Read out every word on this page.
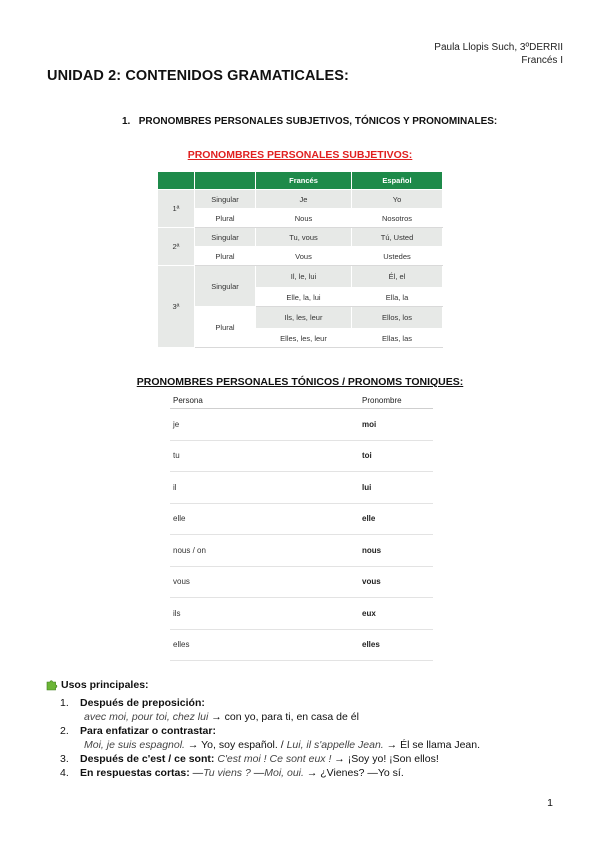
Paula Llopis Such, 3ºDERRII
Francés I
UNIDAD 2: CONTENIDOS GRAMATICALES:
1. PRONOMBRES PERSONALES SUBJETIVOS, TÓNICOS Y PRONOMINALES:
PRONOMBRES PERSONALES SUBJETIVOS:
		Francés	Español
1ª	Singular	Je	Yo
	Plural	Nous	Nosotros
2ª	Singular	Tu, vous	Tú, Usted
	Plural	Vous	Ustedes
3ª	Singular	Il, le, lui	Él, el
		Elle, la, lui	Ella, la
	Plural	Ils, les, leur	Ellos, los
		Elles, les, leur	Ellas, las
PRONOMBRES PERSONALES TÓNICOS / PRONOMS TONIQUES:
Persona	Pronombre
je	moi
tu	toi
il	lui
elle	elle
nous / on	nous
vous	vous
ils	eux
elles	elles
Usos principales:
1. Después de preposición:
avec moi, pour toi, chez lui → con yo, para ti, en casa de él
2. Para enfatizar o contrastar:
Moi, je suis espagnol. → Yo, soy español. / Lui, il s'appelle Jean. → Él se llama Jean.
3. Después de c'est / ce sont: C'est moi ! Ce sont eux ! → ¡Soy yo! ¡Son ellos!
4. En respuestas cortas: —Tu viens ? —Moi, oui. → ¿Vienes? —Yo sí.
1
